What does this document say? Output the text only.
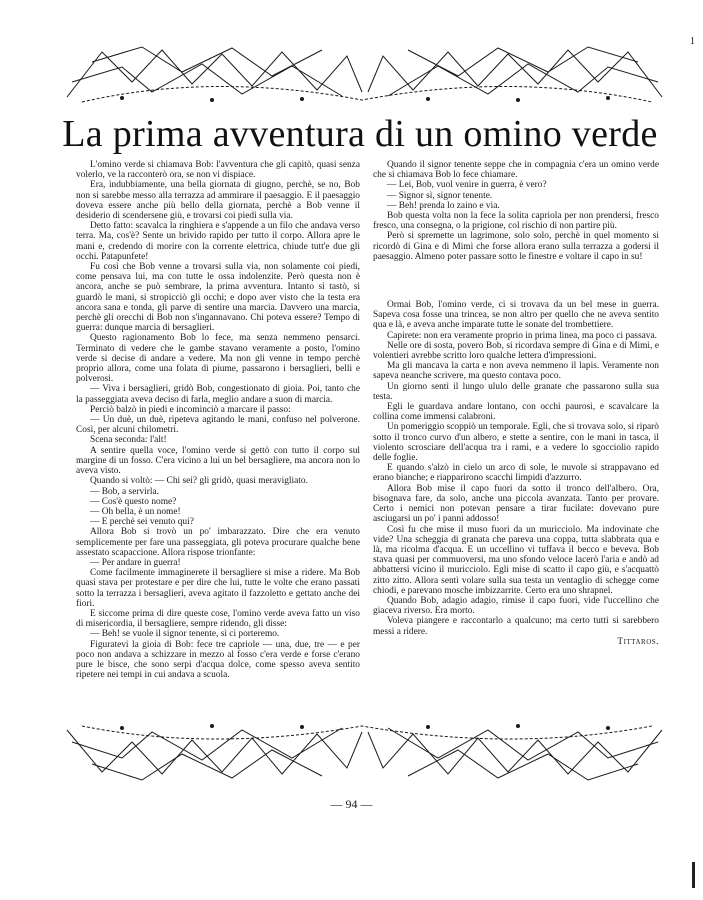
1
La prima avventura di un omino verde

L'omino verde si chiamava Bob: l'avventura che gli capitò, quasi senza volerlo, ve la racconterò ora, se non vi dispiace.

Era, indubbiamente, una bella giornata di giugno, perchè, se no, Bob non si sarebbe messo alla terrazza ad ammirare il paesaggio. E il paesaggio doveva essere anche più bello della giornata, perchè a Bob venne il desiderio di scendersene giù, e trovarsi coi piedi sulla via.

Detto fatto: scavalca la ringhiera e s'appende a un filo che andava verso terra. Ma, cos'è? Sente un brivido rapido per tutto il corpo. Allora apre le mani e, credendo di morire con la corrente elettrica, chiude tutt'e due gli occhi. Patapunfete!

Fu così che Bob venne a trovarsi sulla via, non solamente coi piedi, come pensava lui, ma con tutte le ossa indolenzite. Però questa non è ancora, anche se può sembrare, la prima avventura. Intanto si tastò, si guardò le mani, si stropicciò gli occhi; e dopo aver visto che la testa era ancora sana e tonda, gli parve di sentire una marcia. Davvero una marcia, perchè gli orecchi di Bob non s'ingannavano. Chi poteva essere? Tempo di guerra: dunque marcia di bersaglieri.

Questo ragionamento Bob lo fece, ma senza nemmeno pensarci. Terminato di vedere che le gambe stavano veramente a posto, l'omino verde si decise di andare a vedere. Ma non gli venne in tempo perchè proprio allora, come una folata di piume, passarono i bersaglieri, belli e polverosi.

— Viva i bersaglieri, gridò Bob, congestionato di gioia. Poi, tanto che la passeggiata aveva deciso di farla, meglio andare a suon di marcia.

Perciò balzò in piedi e incominciò a marcare il passo:

— Un duè, un duè, ripeteva agitando le mani, confuso nel polverone. Così, per alcuni chilometri.

Scena seconda: l'alt!

A sentire quella voce, l'omino verde si gettò con tutto il corpo sul margine di un fosso. C'era vicino a lui un bel bersagliere, ma ancora non lo aveva visto.

Quando si voltò: — Chi sei? gli gridò, quasi meravigliato.

— Bob, a servirla.

— Cos'è questo nome?

— Oh bella, è un nome!

— E perchè sei venuto qui?

Allora Bob si trovò un po' imbarazzato. Dire che era venuto semplicemente per fare una passeggiata, gli poteva procurare qualche bene assestato scapaccione. Allora rispose trionfante:

— Per andare in guerra!

Come facilmente immaginerete il bersagliere si mise a ridere. Ma Bob quasi stava per protestare e per dire che lui, tutte le volte che erano passati sotto la terrazza i bersaglieri, aveva agitato il fazzoletto e gettato anche dei fiori.

E siccome prima di dire queste cose, l'omino verde aveva fatto un viso di misericordia, il bersagliere, sempre ridendo, gli disse:

— Beh! se vuole il signor tenente, sì ci porteremo.

Figuratevi la gioia di Bob: fece tre capriole — una, due, tre — e per poco non andava a schizzare in mezzo al fosso c'era verde e forse c'erano pure le bisce, che sono serpi d'acqua dolce, come spesso aveva sentito ripetere nei tempi in cui andava a scuola.

Quando il signor tenente seppe che in compagnia c'era un omino verde che si chiamava Bob lo fece chiamare.

— Lei, Bob, vuol venire in guerra, è vero?

— Signor sì, signor tenente.

— Beh! prenda lo zaino e via.

Bob questa volta non la fece la solita capriola per non prendersi, fresco fresco, una consegna, o la prigione, col rischio di non partire più.

Però si spremette un lagrimone, solo solo, perchè in quel momento si ricordò di Gina e di Mimì che forse allora erano sulla terrazza a godersi il paesaggio. Almeno poter passare sotto le finestre e voltare il capo in su!

Ormai Bob, l'omino verde, ci si trovava da un bel mese in guerra. Sapeva cosa fosse una trincea, se non altro per quello che ne aveva sentito qua e là, e aveva anche imparate tutte le sonate del trombettiere.

Capirete: non era veramente proprio in prima linea, ma poco ci passava.

Nelle ore di sosta, povero Bob, si ricordava sempre di Gina e di Mimì, e volentieri avrebbe scritto loro qualche lettera d'impressioni.

Ma gli mancava la carta e non aveva nemmeno il lapis. Veramente non sapeva neanche scrivere, ma questo contava poco.

Un giorno sentì il lungo ululo delle granate che passarono sulla sua testa.

Egli le guardava andare lontano, con occhi paurosi, e scavalcare la collina come immensi calabroni.

Un pomeriggio scoppiò un temporale. Egli, che si trovava solo, si riparò sotto il tronco curvo d'un albero, e stette a sentire, con le mani in tasca, il violento scrosciare dell'acqua tra i rami, e a vedere lo sgocciolio rapido delle foglie.

E quando s'alzò in cielo un arco di sole, le nuvole si strappavano ed erano bianche; e riapparirono scacchi limpidi d'azzurro.

Allora Bob mise il capo fuori da sotto il tronco dell'albero. Ora, bisognava fare, da solo, anche una piccola avanzata. Tanto per provare. Certo i nemici non potevan pensare a tirar fucilate: dovevano pure asciugarsi un po' i panni addosso!

Così fu che mise il muso fuori da un muricciolo. Ma indovinate che vide? Una scheggia di granata che pareva una coppa, tutta slabbrata qua e là, ma ricolma d'acqua. E un uccellino vi tuffava il becco e beveva. Bob stava quasi per commuoversi, ma uno sfondo veloce lacerò l'aria e andò ad abbattersi vicino il muricciolo. Egli mise di scatto il capo giù, e s'acquattò zitto zitto. Allora sentì volare sulla sua testa un ventaglio di schegge come chiodi, e parevano mosche imbizzarrite. Certo era uno shrapnel.

Quando Bob, adagio adagio, rimise il capo fuori, vide l'uccellino che giaceva riverso. Era morto.

Voleva piangere e raccontarlo a qualcuno; ma certo tutti si sarebbero messi a ridere.

Tittaros.

— 94 —
